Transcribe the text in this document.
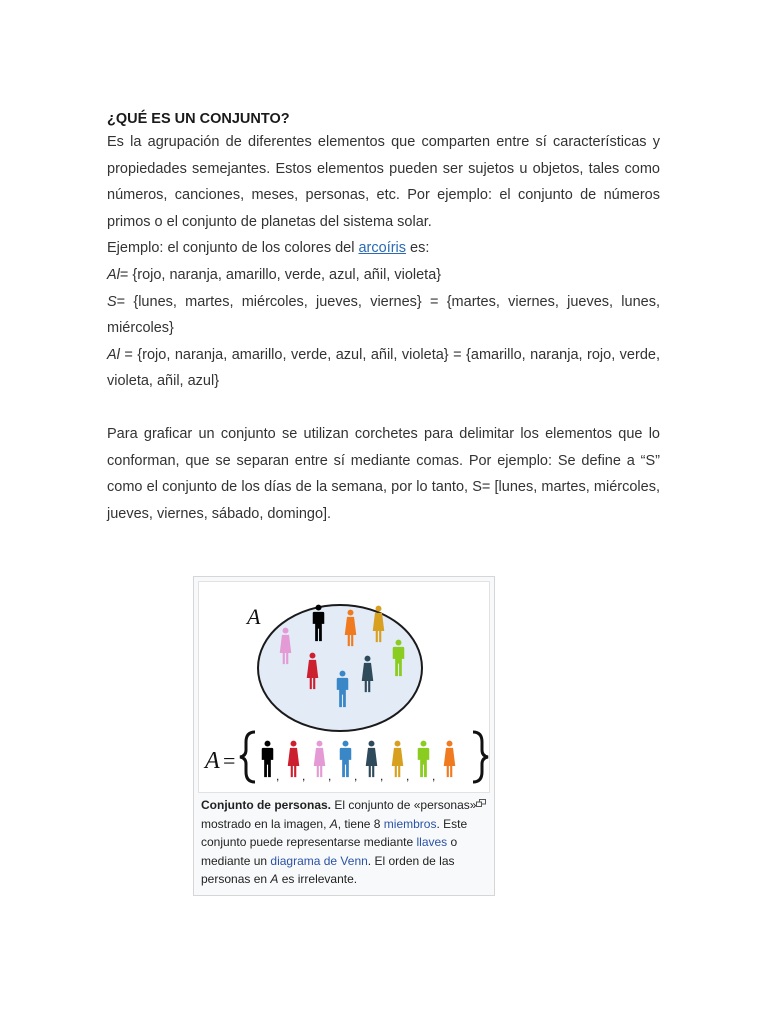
¿QUÉ ES UN CONJUNTO?

Es la agrupación de diferentes elementos que comparten entre sí características y propiedades semejantes. Estos elementos pueden ser sujetos u objetos, tales como números, canciones, meses, personas, etc. Por ejemplo: el conjunto de números primos o el conjunto de planetas del sistema solar.

Ejemplo: el conjunto de los colores del arcoíris es:

Al= {rojo, naranja, amarillo, verde, azul, añil, violeta}

S= {lunes, martes, miércoles, jueves, viernes} = {martes, viernes, jueves, lunes, miércoles}

Al = {rojo, naranja, amarillo, verde, azul, añil, violeta} = {amarillo, naranja, rojo, verde, violeta, añil, azul}

Para graficar un conjunto se utilizan corchetes para delimitar los elementos que lo conforman, que se separan entre sí mediante comas. Por ejemplo: Se define a “S” como el conjunto de los días de la semana, por lo tanto, S= [lunes, martes, miércoles, jueves, viernes, sábado, domingo].

A
A =
, , , , , , ,
Conjunto de personas. El conjunto de «personas» mostrado en la imagen, A, tiene 8 miembros. Este conjunto puede representarse mediante llaves o mediante un diagrama de Venn. El orden de las personas en A es irrelevante.
